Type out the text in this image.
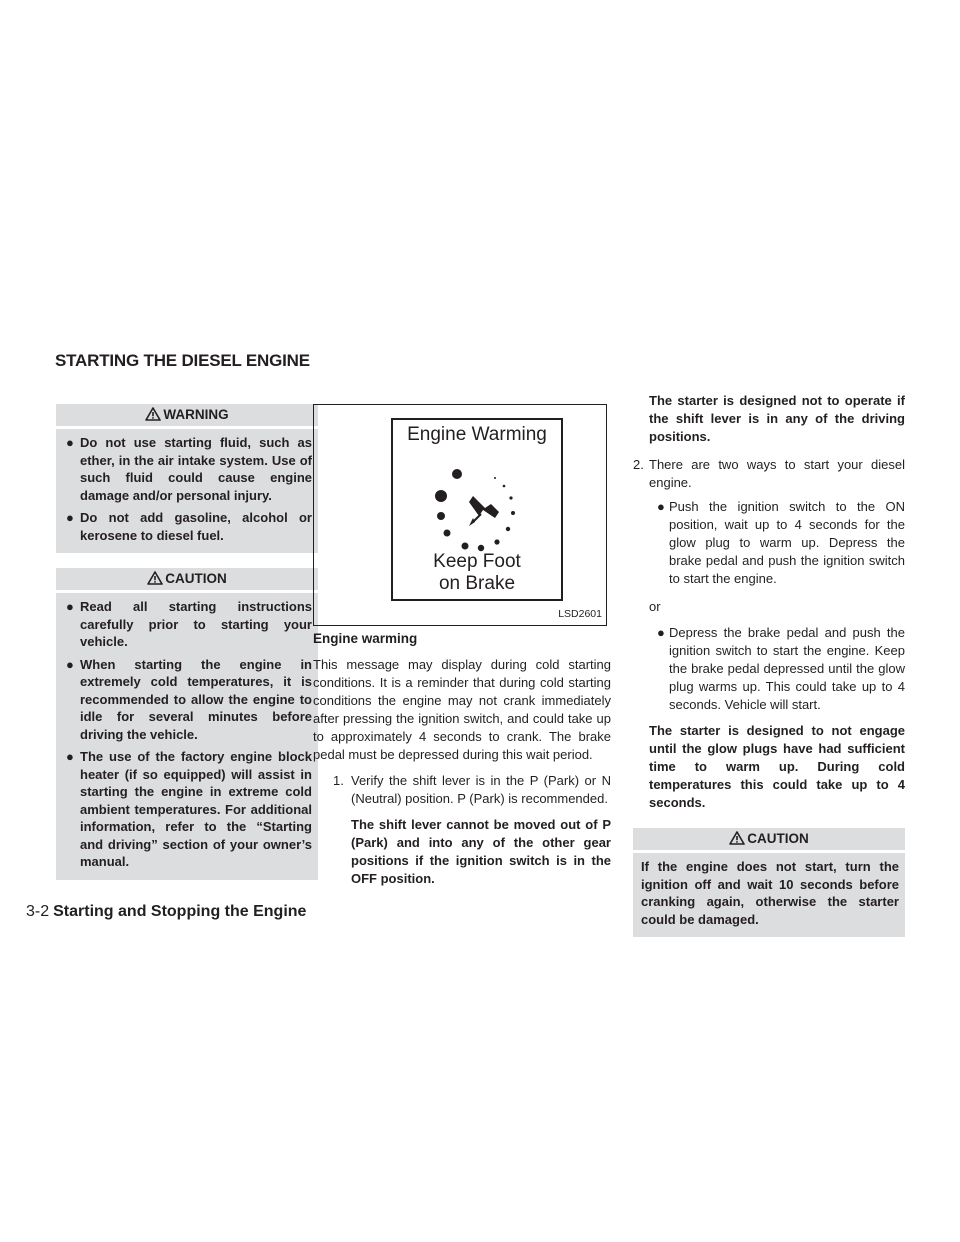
STARTING THE DIESEL ENGINE
WARNING
● Do not use starting fluid, such as ether, in the air intake system. Use of such fluid could cause engine damage and/or personal injury.
● Do not add gasoline, alcohol or kerosene to diesel fuel.
CAUTION
● Read all starting instructions carefully prior to starting your vehicle.
● When starting the engine in extremely cold temperatures, it is recommended to allow the engine to idle for several minutes before driving the vehicle.
● The use of the factory engine block heater (if so equipped) will assist in starting the engine in extreme cold ambient temperatures. For additional information, refer to the “Starting and driving” section of your owner’s manual.
Engine Warming
Keep Foot
on Brake
LSD2601
Engine warming

This message may display during cold starting conditions. It is a reminder that during cold starting conditions the engine may not crank immediately after pressing the ignition switch, and could take up to approximately 4 seconds to crank. The brake pedal must be depressed during this wait period.

1. Verify the shift lever is in the P (Park) or N (Neutral) position. P (Park) is recommended.
The shift lever cannot be moved out of P (Park) and into any of the other gear positions if the ignition switch is in the OFF position.
The starter is designed not to operate if the shift lever is in any of the driving positions.
2. There are two ways to start your diesel engine.
● Push the ignition switch to the ON position, wait up to 4 seconds for the glow plug to warm up. Depress the brake pedal and push the ignition switch to start the engine.
or
● Depress the brake pedal and push the ignition switch to start the engine. Keep the brake pedal depressed until the glow plug warms up. This could take up to 4 seconds. Vehicle will start.
The starter is designed to not engage until the glow plugs have had sufficient time to warm up. During cold temperatures this could take up to 4 seconds.
CAUTION
If the engine does not start, turn the ignition off and wait 10 seconds before cranking again, otherwise the starter could be damaged.
3-2 Starting and Stopping the Engine
